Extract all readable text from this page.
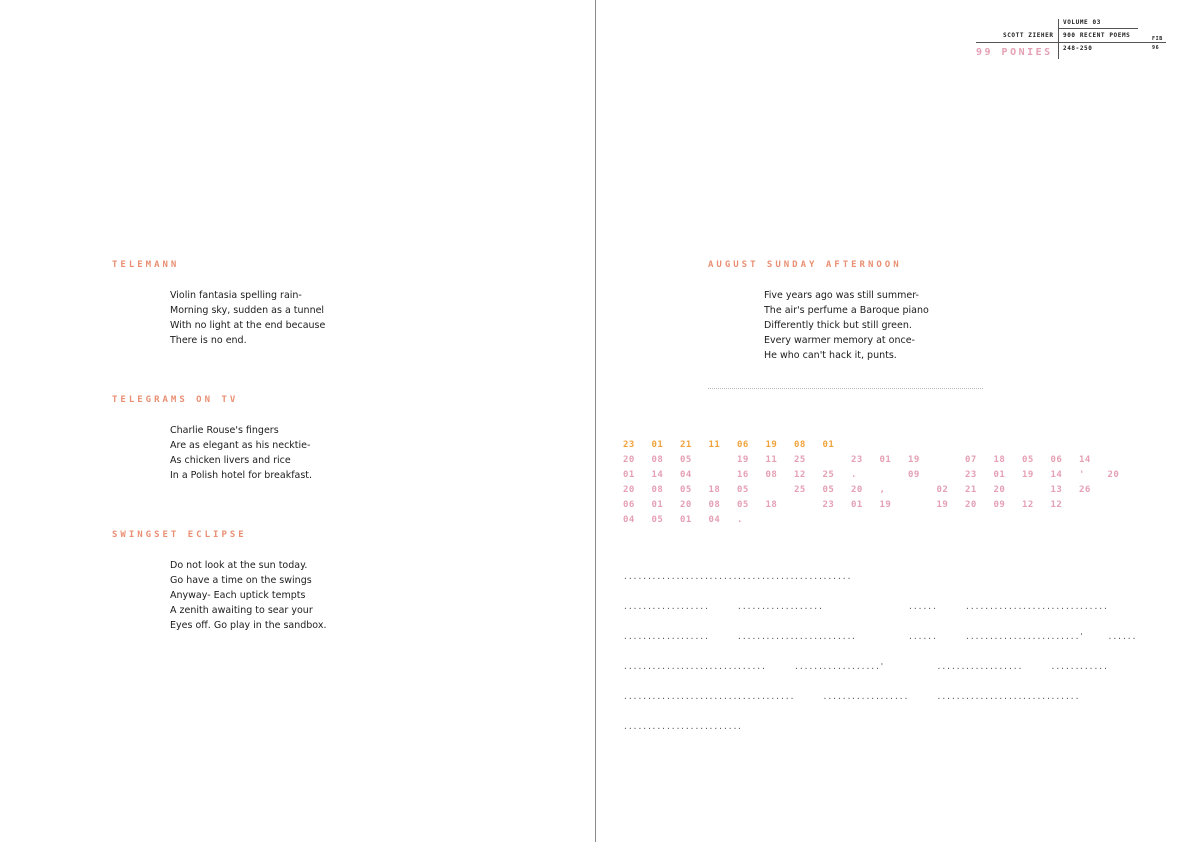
TELEMANN
Violin fantasia spelling rain-
Morning sky, sudden as a tunnel
With no light at the end because
There is no end.
TELEGRAMS ON TV
Charlie Rouse's fingers
Are as elegant as his necktie-
As chicken livers and rice
In a Polish hotel for breakfast.
SWINGSET ECLIPSE
Do not look at the sun today.
Go have a time on the swings
Anyway- Each uptick tempts
A zenith awaiting to sear your
Eyes off. Go play in the sandbox.
VOLUME 03
SCOTT ZIEHER 900 RECENT POEMS
248-250
FIB
96
99 PONIES
AUGUST SUNDAY AFTERNOON
Five years ago was still summer-
The air's perfume a Baroque piano
Differently thick but still green.
Every warmer memory at once-
He who can't hack it, punts.
23 01 21 11 06 19 08 01
20 08 05	19 11 25	23 01 19	07 18 05 06 14
01 14 04	16 08 12 25 .	09	23 01 19 14 '	20
20 08 05 18 05	25 05 20 ,	02 21 20	13 26
06 01 20 08 05 18	23 01 19	19 20 09 12 12
04 05 01 04 .
...... ...... ...... ...... ...... ...... ...... ......
...... ...... ......	...... ...... ......	......	...... ...... ...... ...... ......
...... ...... ......	...... ...... ...... ...... .	......	...... ...... ...... ...... '	......
...... ...... ...... ...... ......	...... ...... ...... '	...... ...... ......	...... ......
...... ...... ...... ...... ...... ......	...... ...... ......	...... ...... ...... ...... ......
...... ...... ...... ...... .
